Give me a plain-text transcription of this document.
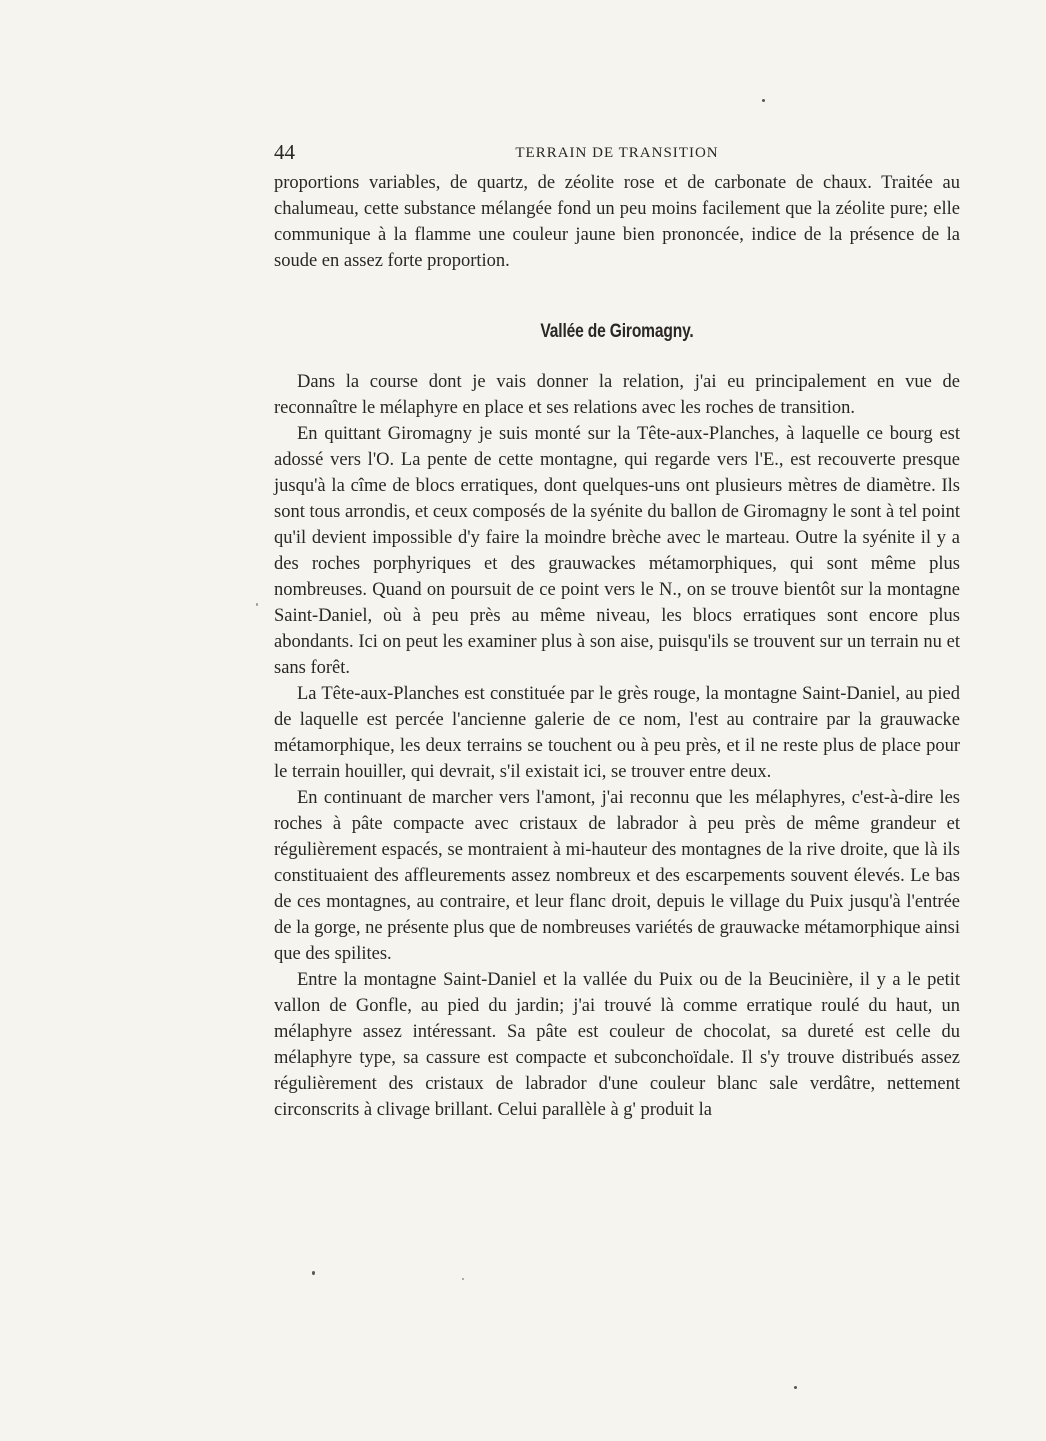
44	TERRAIN DE TRANSITION

proportions variables, de quartz, de zéolite rose et de carbonate de chaux. Traitée au chalumeau, cette substance mélangée fond un peu moins facilement que la zéolite pure; elle communique à la flamme une couleur jaune bien prononcée, indice de la présence de la soude en assez forte proportion.

Vallée de Giromagny.

Dans la course dont je vais donner la relation, j'ai eu principalement en vue de reconnaître le mélaphyre en place et ses relations avec les roches de transition.

En quittant Giromagny je suis monté sur la Tête-aux-Planches, à laquelle ce bourg est adossé vers l'O. La pente de cette montagne, qui regarde vers l'E., est recouverte presque jusqu'à la cîme de blocs erratiques, dont quelques-uns ont plusieurs mètres de diamètre. Ils sont tous arrondis, et ceux composés de la syénite du ballon de Giromagny le sont à tel point qu'il devient impossible d'y faire la moindre brèche avec le marteau. Outre la syénite il y a des roches porphyriques et des grauwackes métamorphiques, qui sont même plus nombreuses. Quand on poursuit de ce point vers le N., on se trouve bientôt sur la montagne Saint-Daniel, où à peu près au même niveau, les blocs erratiques sont encore plus abondants. Ici on peut les examiner plus à son aise, puisqu'ils se trouvent sur un terrain nu et sans forêt.

La Tête-aux-Planches est constituée par le grès rouge, la montagne Saint-Daniel, au pied de laquelle est percée l'ancienne galerie de ce nom, l'est au contraire par la grauwacke métamorphique, les deux terrains se touchent ou à peu près, et il ne reste plus de place pour le terrain houiller, qui devrait, s'il existait ici, se trouver entre deux.

En continuant de marcher vers l'amont, j'ai reconnu que les mélaphyres, c'est-à-dire les roches à pâte compacte avec cristaux de labrador à peu près de même grandeur et régulièrement espacés, se montraient à mi-hauteur des montagnes de la rive droite, que là ils constituaient des affleurements assez nombreux et des escarpements souvent élevés. Le bas de ces montagnes, au contraire, et leur flanc droit, depuis le village du Puix jusqu'à l'entrée de la gorge, ne présente plus que de nombreuses variétés de grauwacke métamorphique ainsi que des spilites.

Entre la montagne Saint-Daniel et la vallée du Puix ou de la Beucinière, il y a le petit vallon de Gonfle, au pied du jardin; j'ai trouvé là comme erratique roulé du haut, un mélaphyre assez intéressant. Sa pâte est couleur de chocolat, sa dureté est celle du mélaphyre type, sa cassure est compacte et subconchoïdale. Il s'y trouve distribués assez régulièrement des cristaux de labrador d'une couleur blanc sale verdâtre, nettement circonscrits à clivage brillant. Celui parallèle à g' produit la
